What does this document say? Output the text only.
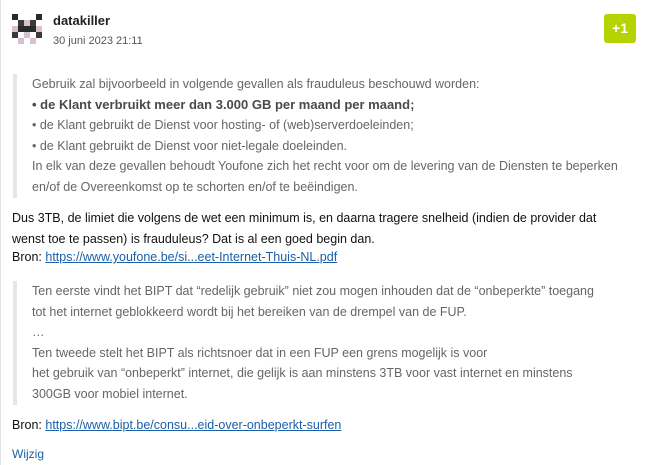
datakiller
30 juni 2023 21:11
+1

Gebruik zal bijvoorbeeld in volgende gevallen als frauduleus beschouwd worden:

• de Klant verbruikt meer dan 3.000 GB per maand per maand;

• de Klant gebruikt de Dienst voor hosting- of (web)serverdoeleinden;

• de Klant gebruikt de Dienst voor niet-legale doeleinden.

In elk van deze gevallen behoudt Youfone zich het recht voor om de levering van de Diensten te beperken

en/of de Overeenkomst op te schorten en/of te beëindigen.

Dus 3TB, de limiet die volgens de wet een minimum is, en daarna tragere snelheid (indien de provider dat

wenst toe te passen) is frauduleus? Dat is al een goed begin dan.

Bron: https://www.youfone.be/si...eet-Internet-Thuis-NL.pdf

Ten eerste vindt het BIPT dat “redelijk gebruik” niet zou mogen inhouden dat de “onbeperkte” toegang

tot het internet geblokkeerd wordt bij het bereiken van de drempel van de FUP.

…

Ten tweede stelt het BIPT als richtsnoer dat in een FUP een grens mogelijk is voor

het gebruik van “onbeperkt” internet, die gelijk is aan minstens 3TB voor vast internet en minstens

300GB voor mobiel internet.

Bron: https://www.bipt.be/consu...eid-over-onbeperkt-surfen
Wijzig
